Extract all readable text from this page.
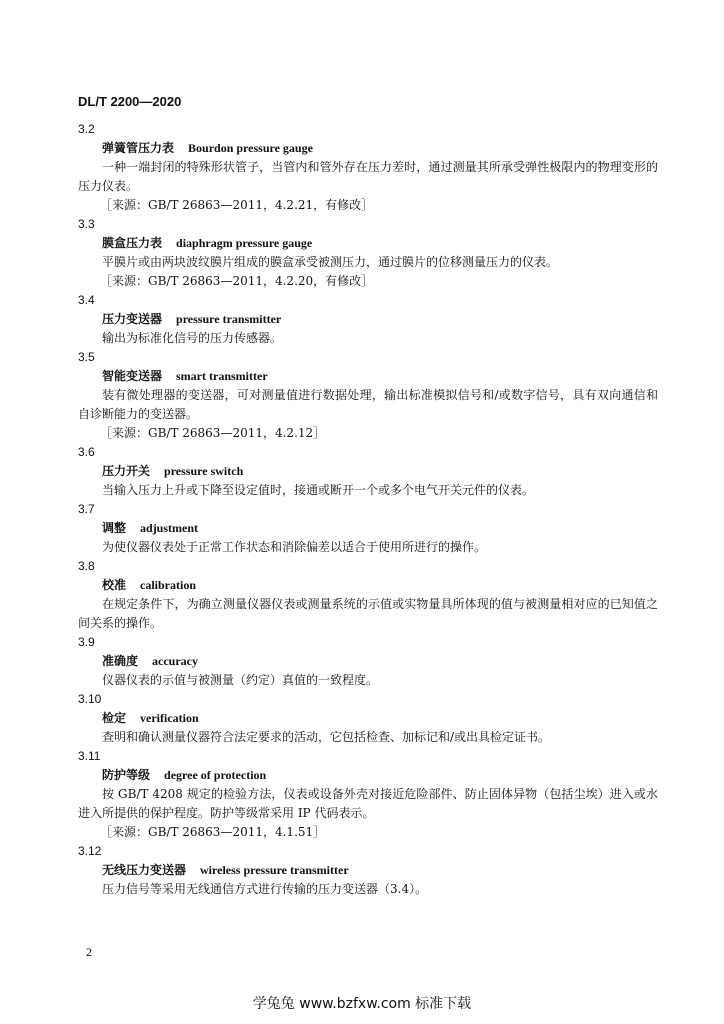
DL/T 2200—2020
3.2
弹簧管压力表 Bourdon pressure gauge
一种一端封闭的特殊形状管子，当管内和管外存在压力差时，通过测量其所承受弹性极限内的物理变形的压力仪表。
［来源：GB/T 26863—2011，4.2.21，有修改］
3.3
膜盒压力表 diaphragm pressure gauge
平膜片或由两块波纹膜片组成的膜盒承受被测压力，通过膜片的位移测量压力的仪表。
［来源：GB/T 26863—2011，4.2.20，有修改］
3.4
压力变送器 pressure transmitter
输出为标准化信号的压力传感器。
3.5
智能变送器 smart transmitter
装有微处理器的变送器，可对测量值进行数据处理，输出标准模拟信号和/或数字信号，具有双向通信和自诊断能力的变送器。
［来源：GB/T 26863—2011，4.2.12］
3.6
压力开关 pressure switch
当输入压力上升或下降至设定值时，接通或断开一个或多个电气开关元件的仪表。
3.7
调整 adjustment
为使仪器仪表处于正常工作状态和消除偏差以适合于使用所进行的操作。
3.8
校准 calibration
在规定条件下，为确立测量仪器仪表或测量系统的示值或实物量具所体现的值与被测量相对应的已知值之间关系的操作。
3.9
准确度 accuracy
仪器仪表的示值与被测量（约定）真值的一致程度。
3.10
检定 verification
查明和确认测量仪器符合法定要求的活动，它包括检查、加标记和/或出具检定证书。
3.11
防护等级 degree of protection
按 GB/T 4208 规定的检验方法，仪表或设备外壳对接近危险部件、防止固体异物（包括尘埃）进入或水进入所提供的保护程度。防护等级常采用 IP 代码表示。
［来源：GB/T 26863—2011，4.1.51］
3.12
无线压力变送器 wireless pressure transmitter
压力信号等采用无线通信方式进行传输的压力变送器（3.4）。
2
学兔兔 www.bzfxw.com 标准下载
